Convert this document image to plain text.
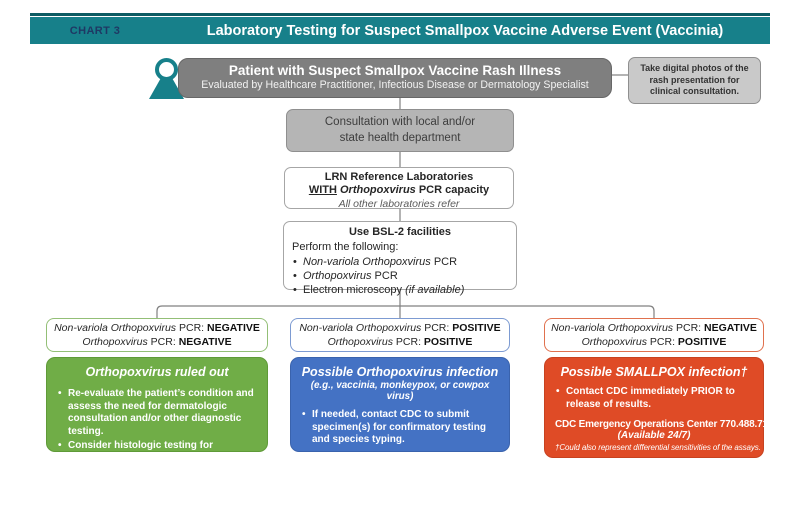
CHART 3	Laboratory Testing for Suspect Smallpox Vaccine Adverse Event (Vaccinia)
Patient with Suspect Smallpox Vaccine Rash Illness
Evaluated by Healthcare Practitioner, Infectious Disease or Dermatology Specialist
Take digital photos of the rash presentation for clinical consultation.
Consultation with local and/or
state health department
LRN Reference Laboratories
WITH Orthopoxvirus PCR capacity
All other laboratories refer
Use BSL-2 facilities
Perform the following:
• Non-variola Orthopoxvirus PCR
• Orthopoxvirus PCR
• Electron microscopy (if available)
Non-variola Orthopoxvirus PCR: NEGATIVE
Orthopoxvirus PCR: NEGATIVE
Non-variola Orthopoxvirus PCR: POSITIVE
Orthopoxvirus PCR: POSITIVE
Non-variola Orthopoxvirus PCR: NEGATIVE
Orthopoxvirus PCR: POSITIVE
Orthopoxvirus ruled out
• Re-evaluate the patient’s condition and assess the need for dermatologic consultation and/or other diagnostic testing.
• Consider histologic testing for erythema multiforme, immune or drug reactions.
Possible Orthopoxvirus infection
(e.g., vaccinia, monkeypox, or cowpox virus)
• If needed, contact CDC to submit specimen(s) for confirmatory testing and species typing.
CDC Emergency Operations Center 770.488.7100
(Available 24/7)
Possible SMALLPOX infection†
• Contact CDC immediately PRIOR to release of results.
CDC Emergency Operations Center 770.488.7100
(Available 24/7)
†Could also represent differential sensitivities of the assays.
